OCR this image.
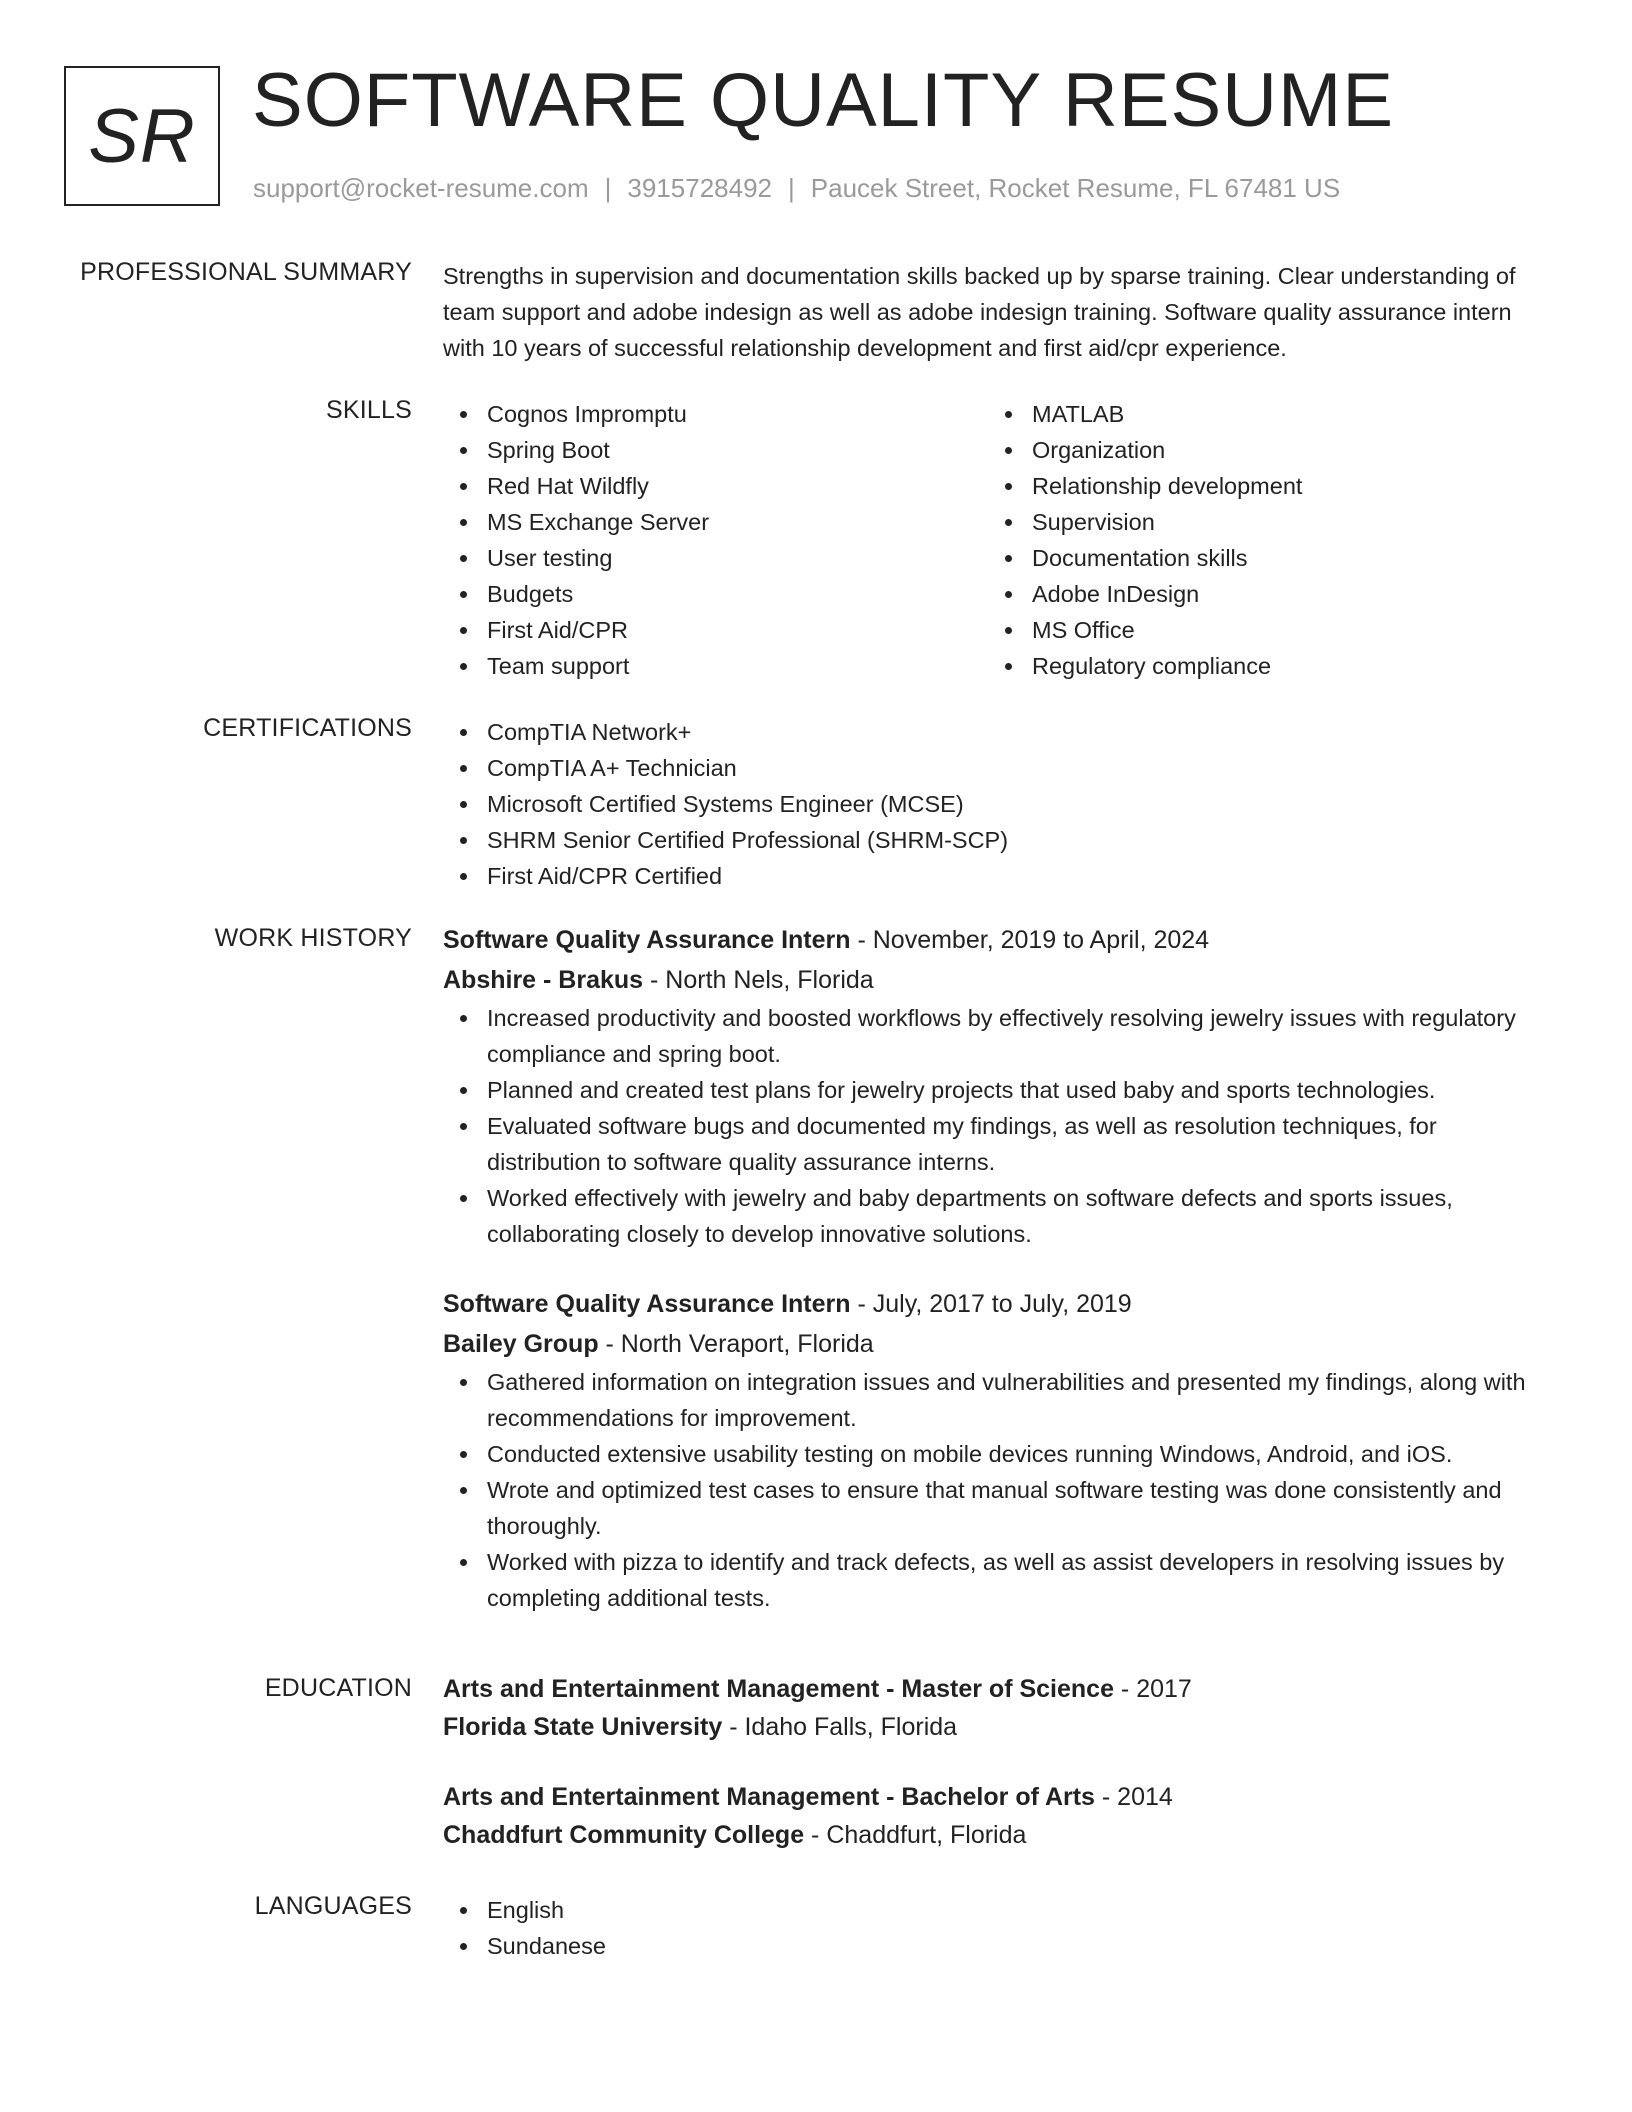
SR SOFTWARE QUALITY RESUME
support@rocket-resume.com | 3915728492 | Paucek Street, Rocket Resume, FL 67481 US
PROFESSIONAL SUMMARY Strengths in supervision and documentation skills backed up by sparse training. Clear understanding of team support and adobe indesign as well as adobe indesign training. Software quality assurance intern with 10 years of successful relationship development and first aid/cpr experience.
SKILLS	Cognos Impromptu
Spring Boot
Red Hat Wildfly
MS Exchange Server
User testing
Budgets
First Aid/CPR
Team support
MATLAB
Organization
Relationship development
Supervision
Documentation skills
Adobe InDesign
MS Office
Regulatory compliance
CERTIFICATIONS	CompTIA Network+
CompTIA A+ Technician
Microsoft Certified Systems Engineer (MCSE)
SHRM Senior Certified Professional (SHRM-SCP)
First Aid/CPR Certified
WORK HISTORY Software Quality Assurance Intern - November, 2019 to April, 2024
Abshire - Brakus - North Nels, Florida
Increased productivity and boosted workflows by effectively resolving jewelry issues with regulatory compliance and spring boot.
Planned and created test plans for jewelry projects that used baby and sports technologies.
Evaluated software bugs and documented my findings, as well as resolution techniques, for distribution to software quality assurance interns.
Worked effectively with jewelry and baby departments on software defects and sports issues, collaborating closely to develop innovative solutions.
Software Quality Assurance Intern - July, 2017 to July, 2019
Bailey Group - North Veraport, Florida
Gathered information on integration issues and vulnerabilities and presented my findings, along with recommendations for improvement.
Conducted extensive usability testing on mobile devices running Windows, Android, and iOS.
Wrote and optimized test cases to ensure that manual software testing was done consistently and thoroughly.
Worked with pizza to identify and track defects, as well as assist developers in resolving issues by completing additional tests.
EDUCATION Arts and Entertainment Management - Master of Science - 2017
Florida State University - Idaho Falls, Florida
Arts and Entertainment Management - Bachelor of Arts - 2014
Chaddfurt Community College - Chaddfurt, Florida
LANGUAGES	English
Sundanese
